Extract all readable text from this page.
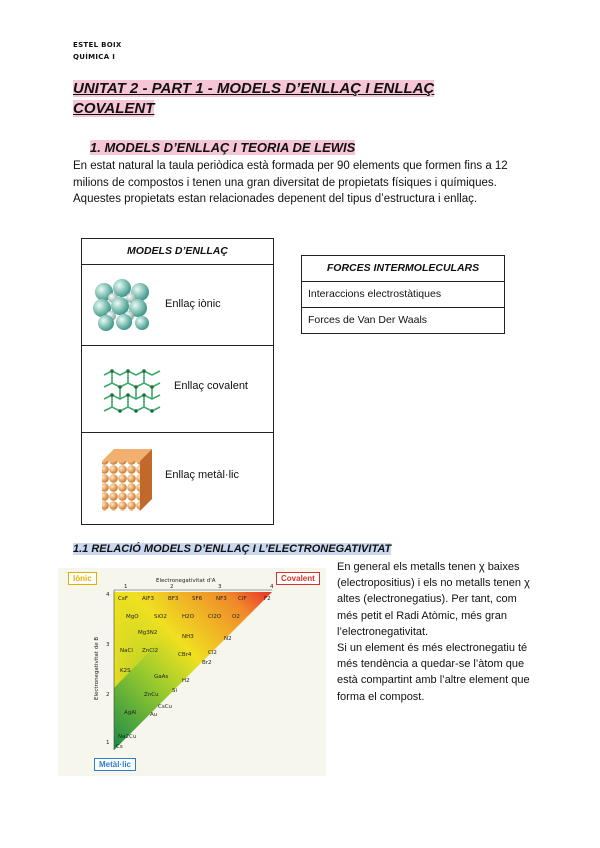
ESTEL BOIX
QUÍMICA I
UNITAT 2 - PART 1 - MODELS D’ENLLAÇ I ENLLAÇ COVALENT
1. MODELS D’ENLLAÇ I TEORIA DE LEWIS
En estat natural la taula periòdica està formada per 90 elements que formen fins a 12 milions de compostos i tenen una gran diversitat de propietats físiques i químiques. Aquestes propietats estan relacionades depenent del tipus d’estructura i enllaç.
MODELS D’ENLLAÇ
Enllaç iònic
Enllaç covalent
Enllaç metàl·lic
FORCES INTERMOLECULARS
Interaccions electrostàtiques
Forces de Van Der Waals
1.1 RELACIÓ MODELS D’ENLLAÇ I L’ELECTRONEGATIVITAT
Electronegativitat d'A
1	2	3	4
4
3
2
1
Electronegativitat de B
CsF	AlF3	BF3 SF6	NF3 ClF	F2
MgO	SiO2	H2O	Cl2O O2
Mg3N2
NH3	N2
NaCl ZnCl2
CBr4	Cl2
K2S
Br2
GaAs
H2
ZnCu
Si
AgAl
CsCu
Au
Na2Cu
Cs
Iònic	Covalent
Metàl·lic
En general els metalls tenen χ baixes (electropositius) i els no metalls tenen χ altes (electronegatius). Per tant, com més petit el Radi Atòmic, més gran l’electronegativitat.
Si un element és més electronegatiu té més tendència a quedar-se l’àtom que està compartint amb l’altre element que forma el compost.
